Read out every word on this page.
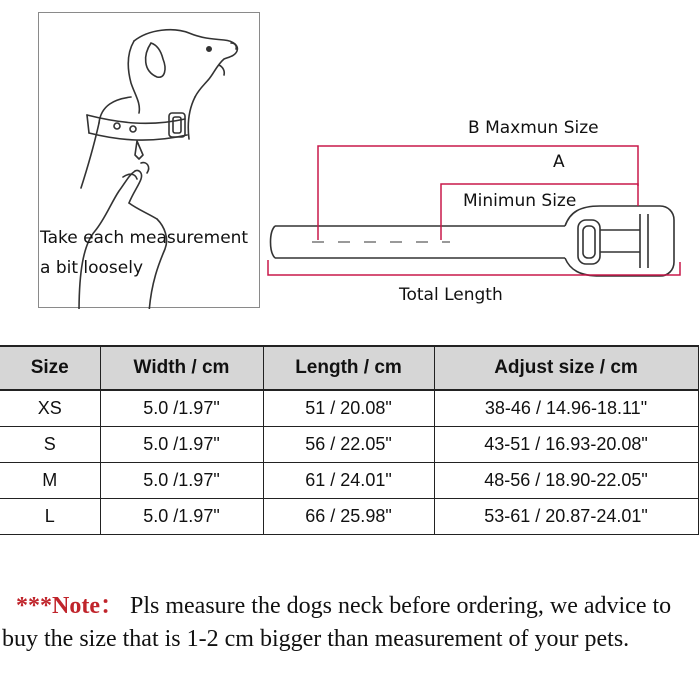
Take each measurement
a bit loosely
B Maxmun Size
A
Minimun Size
Total Length
Size	Width / cm	Length / cm	Adjust size / cm
XS	5.0 /1.97"	51 / 20.08"	38-46 / 14.96-18.11"
S	5.0 /1.97"	56 / 22.05"	43-51 / 16.93-20.08"
M	5.0 /1.97"	61 / 24.01"	48-56 / 18.90-22.05"
L	5.0 /1.97"	66 / 25.98"	53-61 / 20.87-24.01"
***Note： Pls measure the dogs neck before ordering, we advice to buy the size that is 1-2 cm bigger than measurement of your pets.
